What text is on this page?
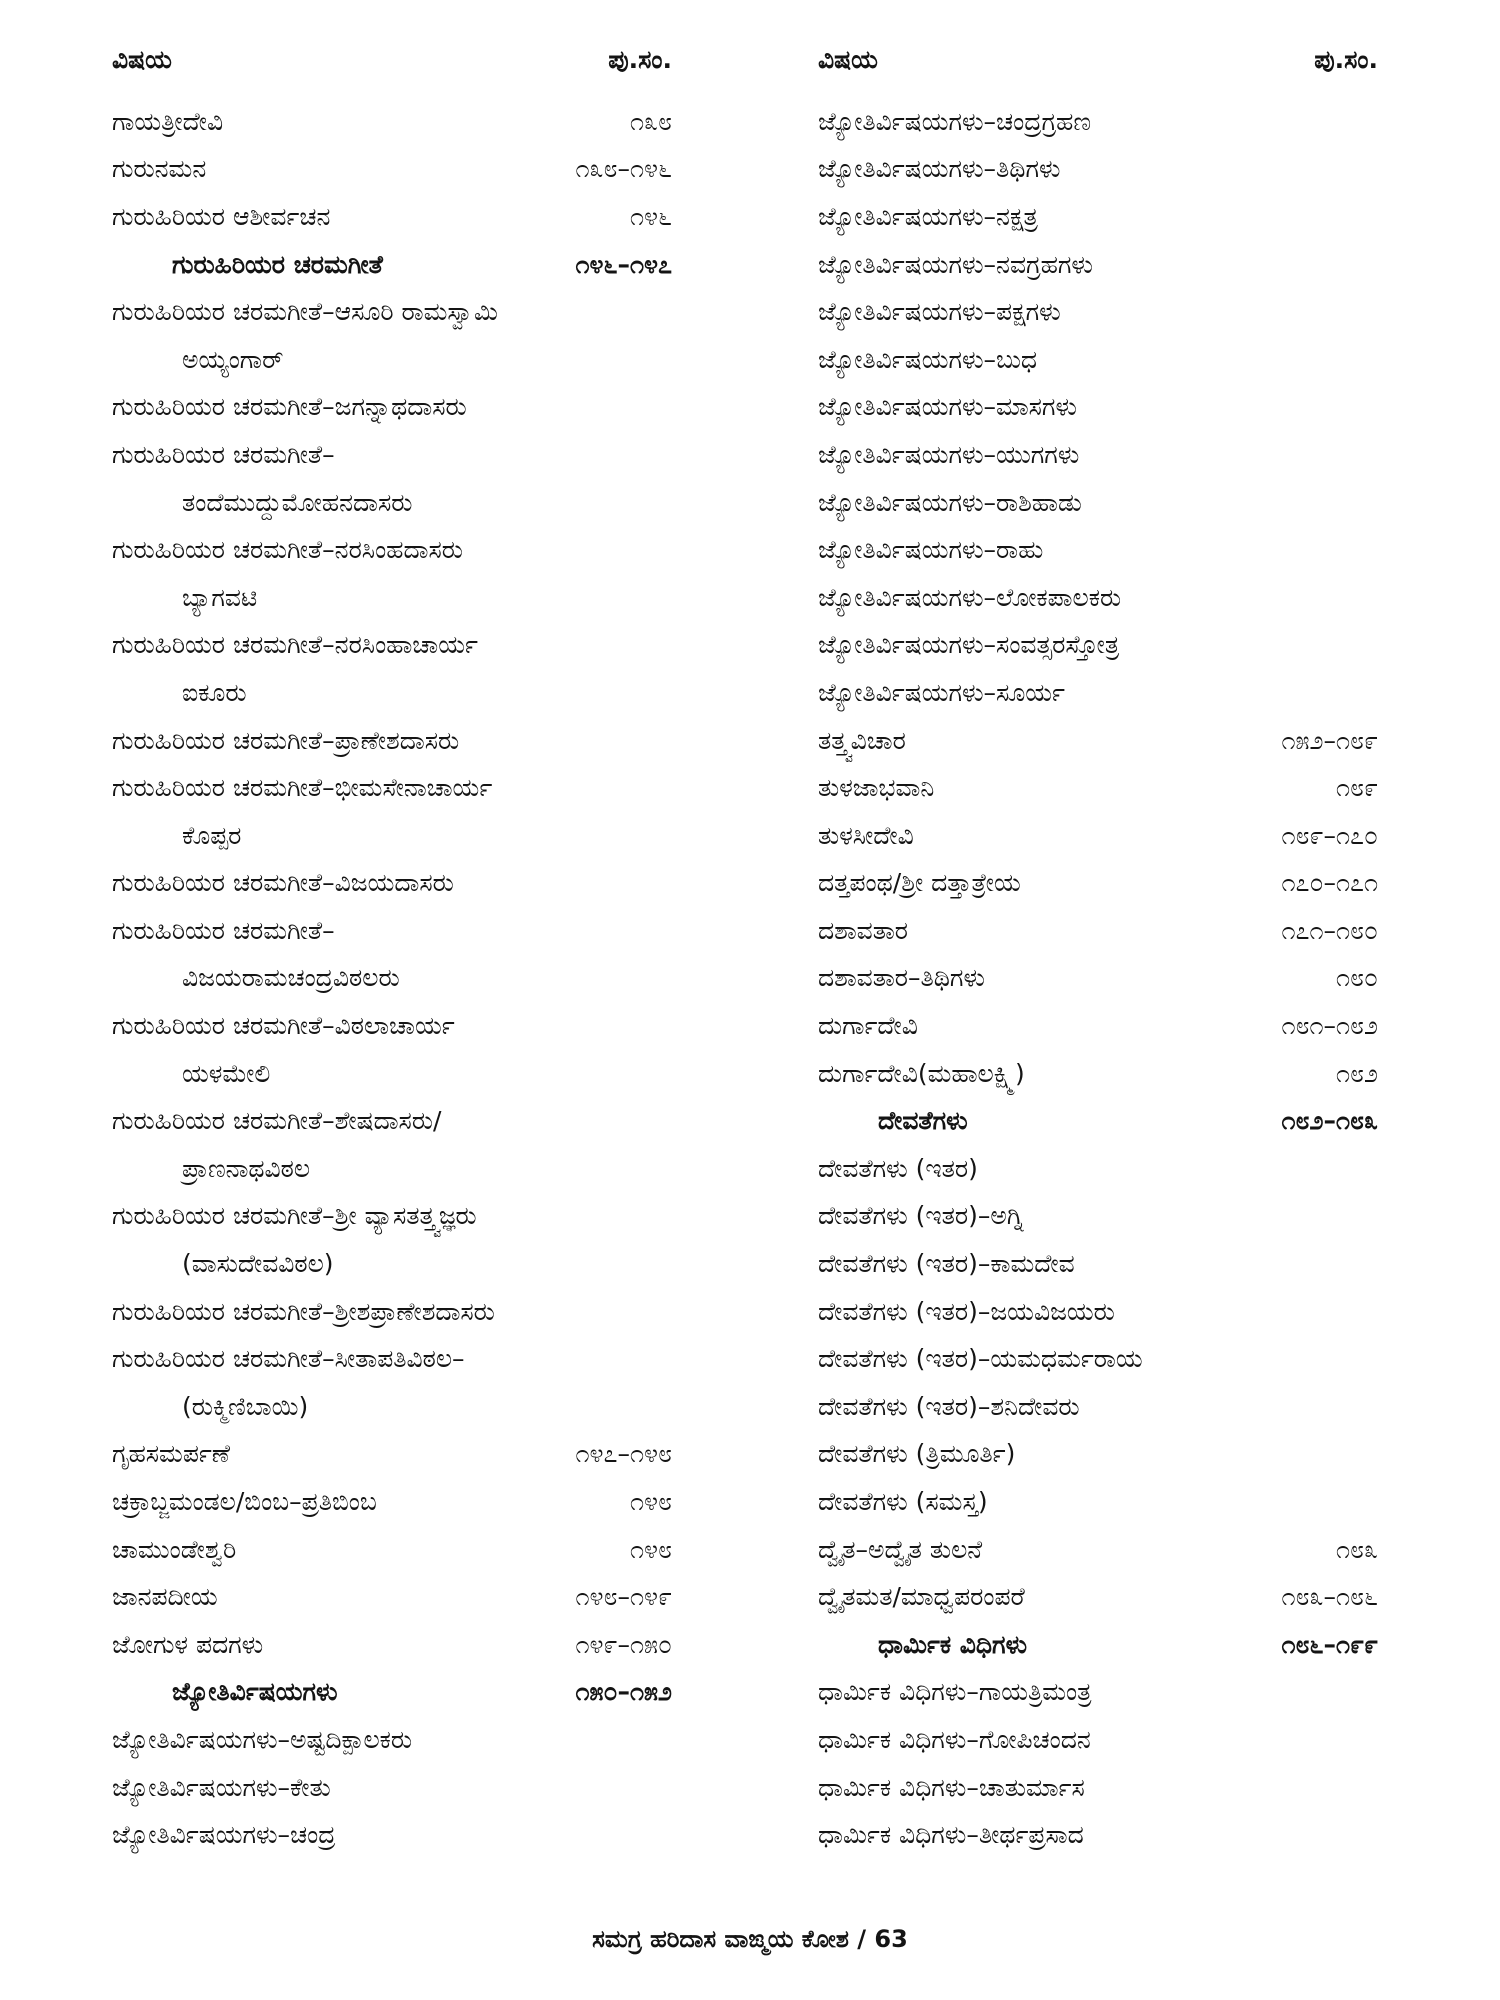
ವಿಷಯ	ಪು.ಸಂ.
ಗಾಯತ್ರೀದೇವಿ	೧೩೮
ಗುರುನಮನ	೧೩೮–೧೪೬
ಗುರುಹಿರಿಯರ ಆಶೀರ್ವಚನ	೧೪೬
ಗುರುಹಿರಿಯರ ಚರಮಗೀತೆ	೧೪೬–೧೪೭
ಗುರುಹಿರಿಯರ ಚರಮಗೀತೆ–ಆಸೂರಿ ರಾಮಸ್ವಾಮಿ
ಅಯ್ಯಂಗಾರ್
ಗುರುಹಿರಿಯರ ಚರಮಗೀತೆ–ಜಗನ್ನಾಥದಾಸರು
ಗುರುಹಿರಿಯರ ಚರಮಗೀತೆ–
ತಂದೆಮುದ್ದುಮೋಹನದಾಸರು
ಗುರುಹಿರಿಯರ ಚರಮಗೀತೆ–ನರಸಿಂಹದಾಸರು
ಬ್ಯಾಗವಟಿ
ಗುರುಹಿರಿಯರ ಚರಮಗೀತೆ–ನರಸಿಂಹಾಚಾರ್ಯ
ಐಕೂರು
ಗುರುಹಿರಿಯರ ಚರಮಗೀತೆ–ಪ್ರಾಣೇಶದಾಸರು
ಗುರುಹಿರಿಯರ ಚರಮಗೀತೆ–ಭೀಮಸೇನಾಚಾರ್ಯ
ಕೊಪ್ಪರ
ಗುರುಹಿರಿಯರ ಚರಮಗೀತೆ–ವಿಜಯದಾಸರು
ಗುರುಹಿರಿಯರ ಚರಮಗೀತೆ–
ವಿಜಯರಾಮಚಂದ್ರವಿಠಲರು
ಗುರುಹಿರಿಯರ ಚರಮಗೀತೆ–ವಿಠಲಾಚಾರ್ಯ
ಯಳಮೇಲಿ
ಗುರುಹಿರಿಯರ ಚರಮಗೀತೆ–ಶೇಷದಾಸರು/
ಪ್ರಾಣನಾಥವಿಠಲ
ಗುರುಹಿರಿಯರ ಚರಮಗೀತೆ–ಶ್ರೀ ವ್ಯಾಸತತ್ತ್ವಜ್ಞರು
(ವಾಸುದೇವವಿಠಲ)
ಗುರುಹಿರಿಯರ ಚರಮಗೀತೆ–ಶ್ರೀಶಪ್ರಾಣೇಶದಾಸರು
ಗುರುಹಿರಿಯರ ಚರಮಗೀತೆ–ಸೀತಾಪತಿವಿಠಲ–
(ರುಕ್ಮಿಣಿಬಾಯಿ)
ಗೃಹಸಮರ್ಪಣೆ	೧೪೭–೧೪೮
ಚಕ್ರಾಬ್ಜಮಂಡಲ/ಬಿಂಬ–ಪ್ರತಿಬಿಂಬ	೧೪೮
ಚಾಮುಂಡೇಶ್ವರಿ	೧೪೮
ಜಾನಪದೀಯ	೧೪೮–೧೪೯
ಜೋಗುಳ ಪದಗಳು	೧೪೯–೧೫೦
ಜ್ಯೋತಿರ್ವಿಷಯಗಳು	೧೫೦–೧೫೨
ಜ್ಯೋತಿರ್ವಿಷಯಗಳು–ಅಷ್ಟದಿಕ್ಪಾಲಕರು
ಜ್ಯೋತಿರ್ವಿಷಯಗಳು–ಕೇತು
ಜ್ಯೋತಿರ್ವಿಷಯಗಳು–ಚಂದ್ರ
ವಿಷಯ	ಪು.ಸಂ.
ಜ್ಯೋತಿರ್ವಿಷಯಗಳು–ಚಂದ್ರಗ್ರಹಣ
ಜ್ಯೋತಿರ್ವಿಷಯಗಳು–ತಿಥಿಗಳು
ಜ್ಯೋತಿರ್ವಿಷಯಗಳು–ನಕ್ಷತ್ರ
ಜ್ಯೋತಿರ್ವಿಷಯಗಳು–ನವಗ್ರಹಗಳು
ಜ್ಯೋತಿರ್ವಿಷಯಗಳು–ಪಕ್ಷಗಳು
ಜ್ಯೋತಿರ್ವಿಷಯಗಳು–ಬುಧ
ಜ್ಯೋತಿರ್ವಿಷಯಗಳು–ಮಾಸಗಳು
ಜ್ಯೋತಿರ್ವಿಷಯಗಳು–ಯುಗಗಳು
ಜ್ಯೋತಿರ್ವಿಷಯಗಳು–ರಾಶಿಹಾಡು
ಜ್ಯೋತಿರ್ವಿಷಯಗಳು–ರಾಹು
ಜ್ಯೋತಿರ್ವಿಷಯಗಳು–ಲೋಕಪಾಲಕರು
ಜ್ಯೋತಿರ್ವಿಷಯಗಳು–ಸಂವತ್ಸರಸ್ತೋತ್ರ
ಜ್ಯೋತಿರ್ವಿಷಯಗಳು–ಸೂರ್ಯ
ತತ್ತ್ವವಿಚಾರ	೧೫೨–೧೮೯
ತುಳಜಾಭವಾನಿ	೧೮೯
ತುಳಸೀದೇವಿ	೧೮೯–೧೭೦
ದತ್ತಪಂಥ/ಶ್ರೀ ದತ್ತಾತ್ರೇಯ	೧೭೦–೧೭೧
ದಶಾವತಾರ	೧೭೧–೧೮೦
ದಶಾವತಾರ–ತಿಥಿಗಳು	೧೮೦
ದುರ್ಗಾದೇವಿ	೧೮೧–೧೮೨
ದುರ್ಗಾದೇವಿ(ಮಹಾಲಕ್ಷ್ಮಿ)	೧೮೨
ದೇವತೆಗಳು	೧೮೨–೧೮೩
ದೇವತೆಗಳು (ಇತರ)
ದೇವತೆಗಳು (ಇತರ)–ಅಗ್ನಿ
ದೇವತೆಗಳು (ಇತರ)–ಕಾಮದೇವ
ದೇವತೆಗಳು (ಇತರ)–ಜಯವಿಜಯರು
ದೇವತೆಗಳು (ಇತರ)–ಯಮಧರ್ಮರಾಯ
ದೇವತೆಗಳು (ಇತರ)–ಶನಿದೇವರು
ದೇವತೆಗಳು (ತ್ರಿಮೂರ್ತಿ)
ದೇವತೆಗಳು (ಸಮಸ್ತ)
ದ್ವೈತ–ಅದ್ವೈತ ತುಲನೆ	೧೮೩
ದ್ವೈತಮತ/ಮಾಧ್ವಪರಂಪರೆ	೧೮೩–೧೮೬
ಧಾರ್ಮಿಕ ವಿಧಿಗಳು	೧೮೬–೧೯೯
ಧಾರ್ಮಿಕ ವಿಧಿಗಳು–ಗಾಯತ್ರಿಮಂತ್ರ
ಧಾರ್ಮಿಕ ವಿಧಿಗಳು–ಗೋಪಿಚಂದನ
ಧಾರ್ಮಿಕ ವಿಧಿಗಳು–ಚಾತುರ್ಮಾಸ
ಧಾರ್ಮಿಕ ವಿಧಿಗಳು–ತೀರ್ಥಪ್ರಸಾದ
ಸಮಗ್ರ ಹರಿದಾಸ ವಾಙ್ಮಯ ಕೋಶ / 63
